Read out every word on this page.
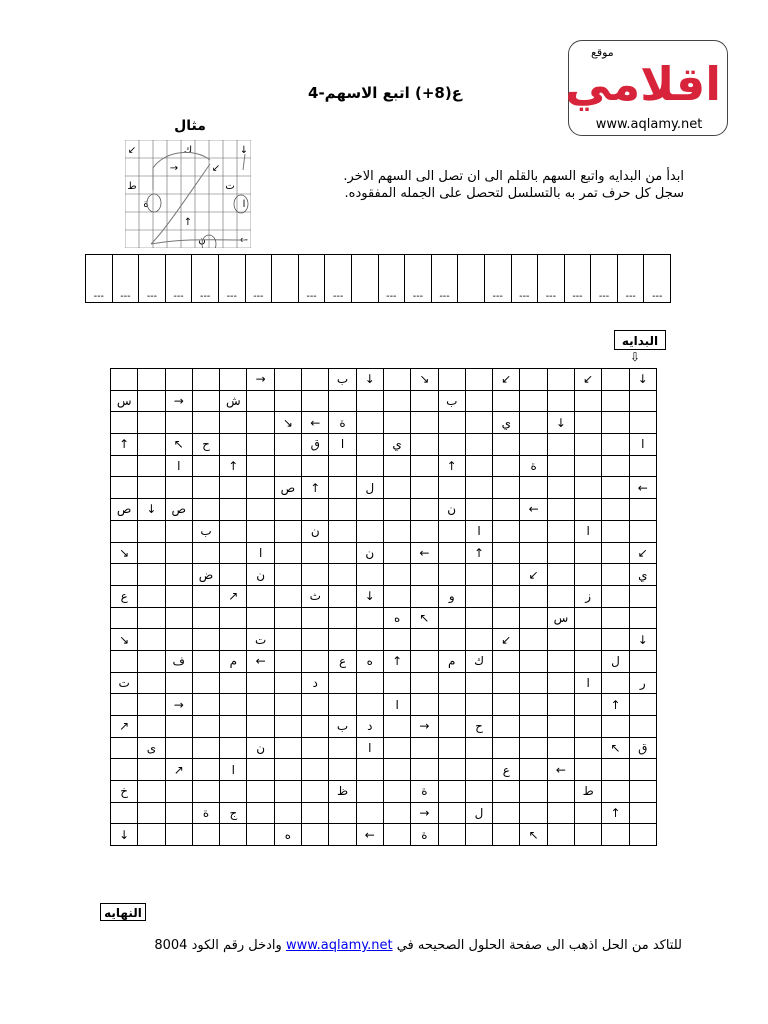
موقع
اقلامي
www.aqlamy.net
ع(8+) اتبع الاسهم-4
مثال
↙	ك	↓
→	↙
ط	ت
ة	ا
↑
ن	←
ابدأ من البدايه واتبع السهم بالقلم الى ان تصل الى السهم الاخر.
سجل كل حرف تمر به بالتسلسل لتحصل على الجمله المفقوده.
---	---	---	---	---	---	---		---	---		---	---	---		---	---	---	---	---	---	---
البدايه
⇩
					→			ب	↓		↘			↙			↙		↓
س		→		ش								ب							
						↘	←	ة						ي		↓			
↑		↖	ح				ق	ا		ي									ا
		ا		↑								↑			ة				
						ص	↑		ل										←
ص	↓	ص										ن			←				
			ب				ن						ا				ا		
↘					ا				ن		←		↑						↙
			ض		ن										↙				ي
ع				↗			ث		↓			و					ز		
										ه	↖					س			
↘					ت									↙					↓
		ف		م	←			ع	ه	↑		م	ك					ل	
ت							د										ا		ر
		→								ا								↑	
↗								ب	د		→		ح						
	ى				ن				ا									↖	ق
		↗		ا										ع		←			
خ								ظ			ة						ط		
			ة	ج							→		ل					↑	
↓						ه			←		ة				↖				
النهايه
للتاكد من الحل اذهب الى صفحة الحلول الصحيحه في www.aqlamy.net وادخل رقم الكود 8004
